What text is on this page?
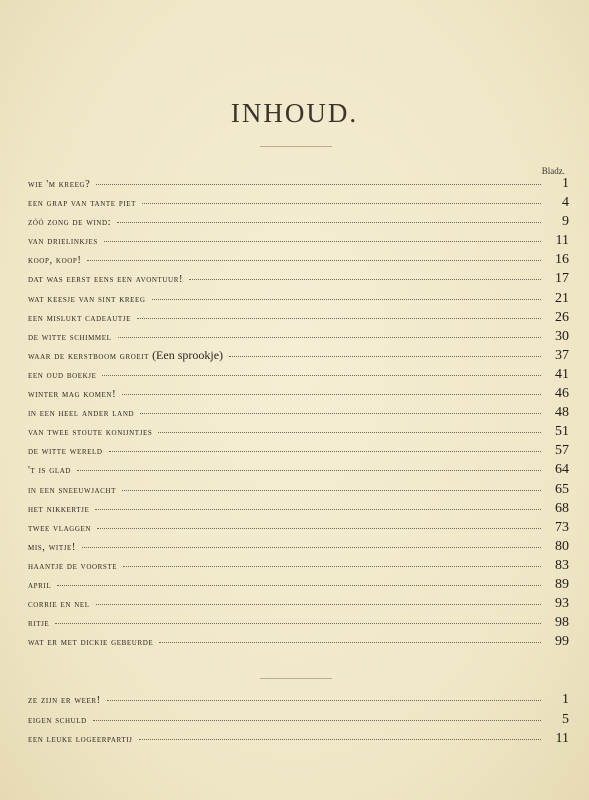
INHOUD.
Bladz.
wie 'm kreeg?	1
een grap van tante piet	4
zóó zong de wind:	9
van drielinkjes	11
koop, koop!	16
dat was eerst eens een avontuur!	17
wat keesje van sint kreeg	21
een mislukt cadeautje	26
de witte schimmel	30
waar de kerstboom groeit (Een sprookje)	37
een oud boekje	41
winter mag komen!	46
in een heel ander land	48
van twee stoute konijntjes	51
de witte wereld	57
't is glad	64
in een sneeuwjacht	65
het nikkertje	68
twee vlaggen	73
mis, witje!	80
haantje de voorste	83
april	89
corrie en nel	93
ritje	98
wat er met dickie gebeurde	99
ze zijn er weer!	1
eigen schuld	5
een leuke logeerpartij	11
